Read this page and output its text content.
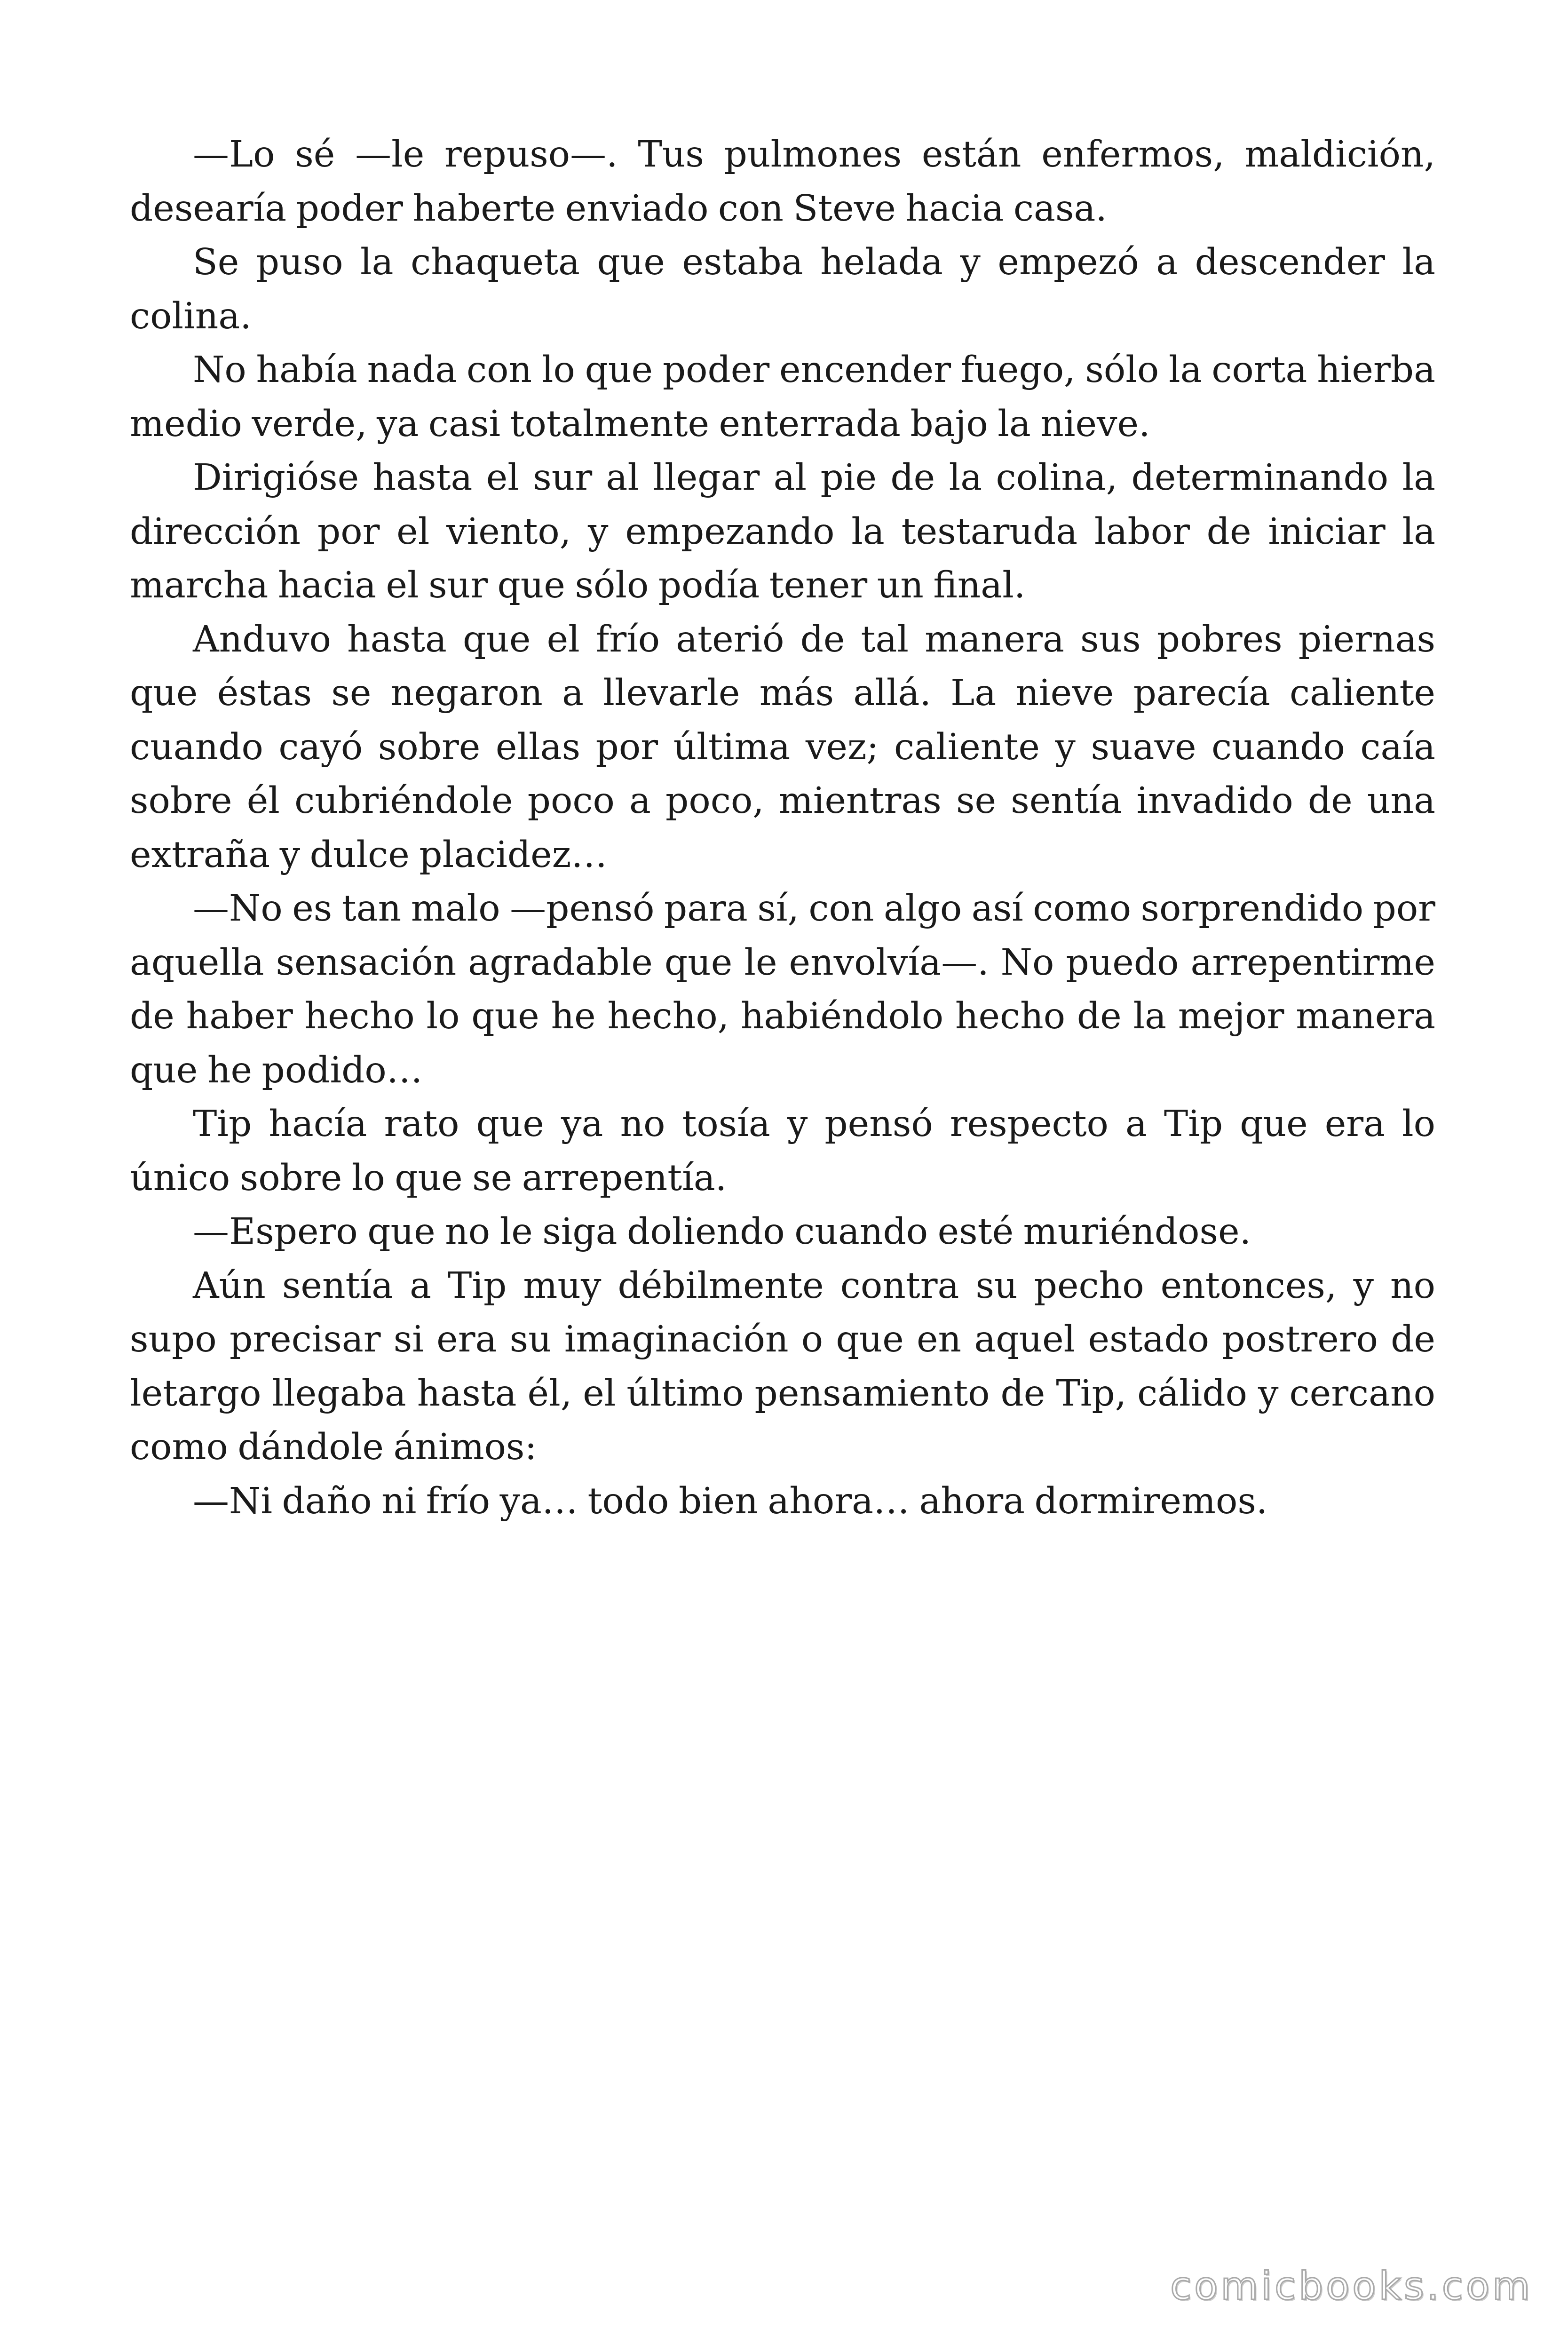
—Lo sé —le repuso—. Tus pulmones están enfermos, maldición, desearía poder haberte enviado con Steve hacia casa.

Se puso la chaqueta que estaba helada y empezó a descender la colina.

No había nada con lo que poder encender fuego, sólo la corta hierba medio verde, ya casi totalmente enterrada bajo la nieve.

Dirigióse hasta el sur al llegar al pie de la colina, determinando la dirección por el viento, y empezando la testaruda labor de iniciar la marcha hacia el sur que sólo podía tener un final.

Anduvo hasta que el frío aterió de tal manera sus pobres piernas que éstas se negaron a llevarle más allá. La nieve parecía caliente cuando cayó sobre ellas por última vez; caliente y suave cuando caía sobre él cubriéndole poco a poco, mientras se sentía invadido de una extraña y dulce placidez…

—No es tan malo —pensó para sí, con algo así como sorprendido por aquella sensación agradable que le envolvía—. No puedo arrepentirme de haber hecho lo que he hecho, habiéndolo hecho de la mejor manera que he podido…

Tip hacía rato que ya no tosía y pensó respecto a Tip que era lo único sobre lo que se arrepentía.

—Espero que no le siga doliendo cuando esté muriéndose.

Aún sentía a Tip muy débilmente contra su pecho entonces, y no supo precisar si era su imaginación o que en aquel estado postrero de letargo llegaba hasta él, el último pensamiento de Tip, cálido y cercano como dándole ánimos:

—Ni daño ni frío ya… todo bien ahora… ahora dormiremos.

comicbooks.com
